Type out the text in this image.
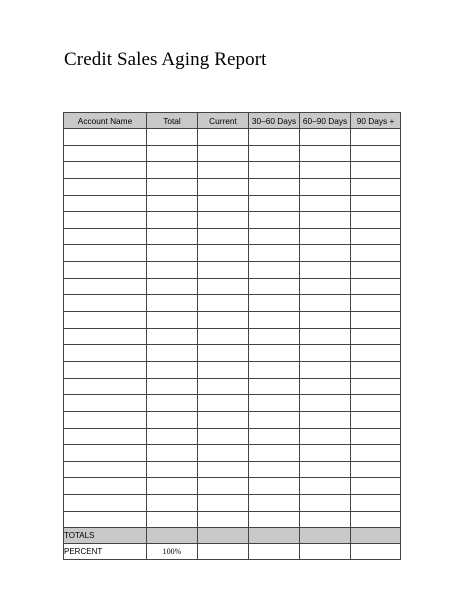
Credit Sales Aging Report
Account Name	Total	Current	30–60 Days	60–90 Days	90 Days +

TOTALS					
PERCENT	100%				
